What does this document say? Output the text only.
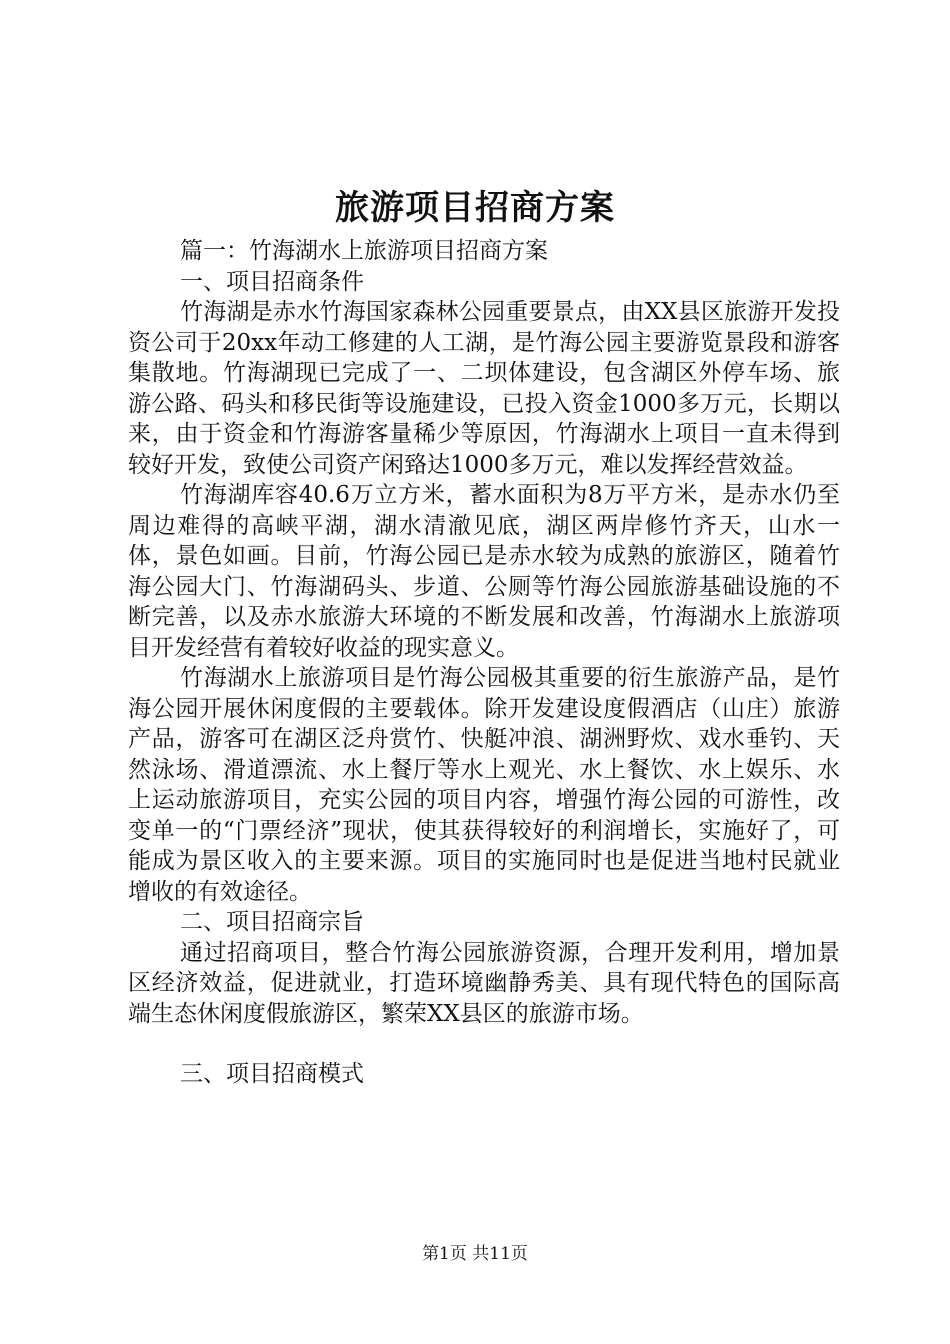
旅游项目招商方案

篇一：竹海湖水上旅游项目招商方案

一、项目招商条件

竹海湖是赤水竹海国家森林公园重要景点，由XX县区旅游开发投资公司于20xx年动工修建的人工湖，是竹海公园主要游览景段和游客集散地。竹海湖现已完成了一、二坝体建设，包含湖区外停车场、旅游公路、码头和移民街等设施建设，已投入资金1000多万元，长期以来，由于资金和竹海游客量稀少等原因，竹海湖水上项目一直未得到较好开发，致使公司资产闲臵达1000多万元，难以发挥经营效益。

竹海湖库容40.6万立方米，蓄水面积为8万平方米，是赤水仍至周边难得的高峡平湖，湖水清澈见底，湖区两岸修竹齐天，山水一体，景色如画。目前，竹海公园已是赤水较为成熟的旅游区，随着竹海公园大门、竹海湖码头、步道、公厕等竹海公园旅游基础设施的不断完善，以及赤水旅游大环境的不断发展和改善，竹海湖水上旅游项目开发经营有着较好收益的现实意义。

竹海湖水上旅游项目是竹海公园极其重要的衍生旅游产品，是竹海公园开展休闲度假的主要载体。除开发建设度假酒店（山庄）旅游产品，游客可在湖区泛舟赏竹、快艇冲浪、湖洲野炊、戏水垂钓、天然泳场、滑道漂流、水上餐厅等水上观光、水上餐饮、水上娱乐、水上运动旅游项目，充实公园的项目内容，增强竹海公园的可游性，改变单一的“门票经济”现状，使其获得较好的利润增长，实施好了，可能成为景区收入的主要来源。项目的实施同时也是促进当地村民就业增收的有效途径。

二、项目招商宗旨

通过招商项目，整合竹海公园旅游资源，合理开发利用，增加景区经济效益，促进就业，打造环境幽静秀美、具有现代特色的国际高端生态休闲度假旅游区，繁荣XX县区的旅游市场。

三、项目招商模式

第1页 共11页
